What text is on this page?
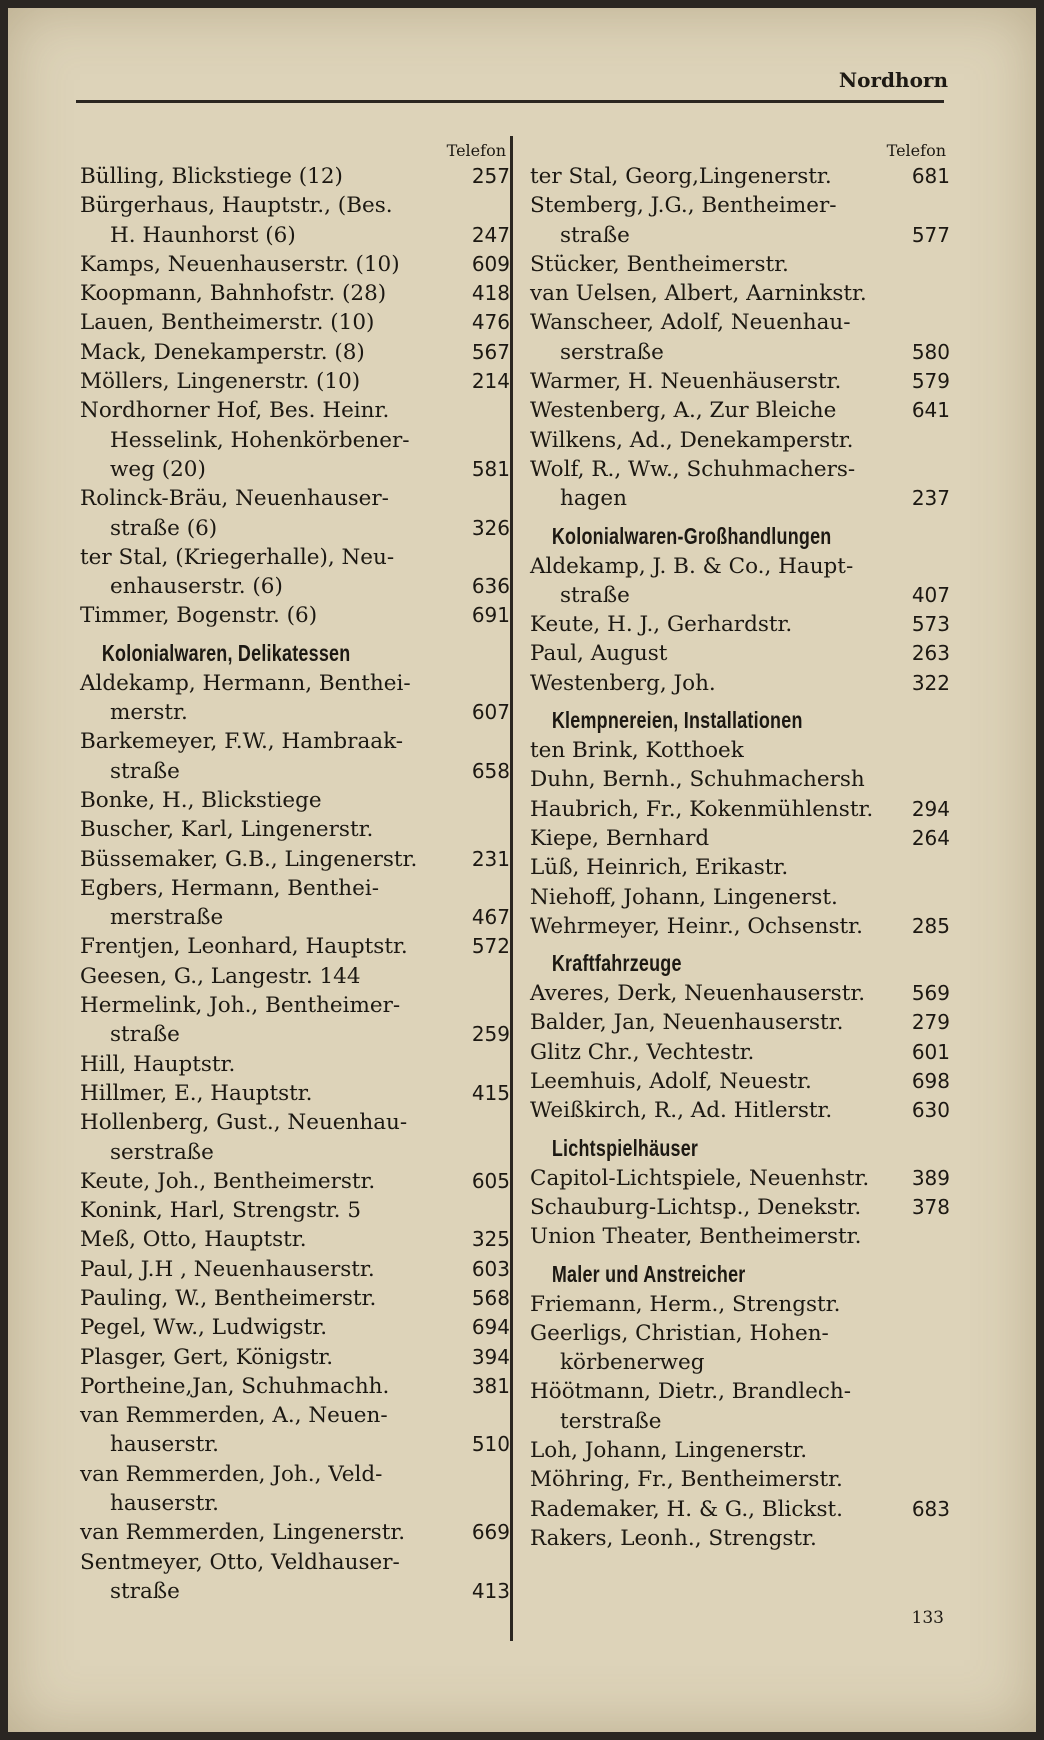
Nordhorn
Telefon
Bülling, Blickstiege (12)	257
Bürgerhaus, Hauptstr., (Bes.
H. Haunhorst (6)	247
Kamps, Neuenhauserstr. (10)	609
Koopmann, Bahnhofstr. (28)	418
Lauen, Bentheimerstr. (10)	476
Mack, Denekamperstr. (8)	567
Möllers, Lingenerstr. (10)	214
Nordhorner Hof, Bes. Heinr.
Hesselink, Hohenkörbener-
weg (20)	581
Rolinck-Bräu, Neuenhauser-
straße (6)	326
ter Stal, (Kriegerhalle), Neu-
enhauserstr. (6)	636
Timmer, Bogenstr. (6)	691
Kolonialwaren, Delikatessen
Aldekamp, Hermann, Benthei-
merstr.	607
Barkemeyer, F.W., Hambraak-
straße	658
Bonke, H., Blickstiege
Buscher, Karl, Lingenerstr.
Büssemaker, G.B., Lingenerstr.	231
Egbers, Hermann, Benthei-
merstraße	467
Frentjen, Leonhard, Hauptstr.	572
Geesen, G., Langestr. 144
Hermelink, Joh., Bentheimer-
straße	259
Hill, Hauptstr.
Hillmer, E., Hauptstr.	415
Hollenberg, Gust., Neuenhau-
serstraße
Keute, Joh., Bentheimerstr.	605
Konink, Harl, Strengstr. 5
Meß, Otto, Hauptstr.	325
Paul, J.H , Neuenhauserstr.	603
Pauling, W., Bentheimerstr.	568
Pegel, Ww., Ludwigstr.	694
Plasger, Gert, Königstr.	394
Portheine,Jan, Schuhmachh.	381
van Remmerden, A., Neuen-
hauserstr.	510
van Remmerden, Joh., Veld-
hauserstr.
van Remmerden, Lingenerstr.	669
Sentmeyer, Otto, Veldhauser-
straße	413
Telefon
ter Stal, Georg,Lingenerstr.	681
Stemberg, J.G., Bentheimer-
straße	577
Stücker, Bentheimerstr.
van Uelsen, Albert, Aarninkstr.
Wanscheer, Adolf, Neuenhau-
serstraße	580
Warmer, H. Neuenhäuserstr.	579
Westenberg, A., Zur Bleiche	641
Wilkens, Ad., Denekamperstr.
Wolf, R., Ww., Schuhmachers-
hagen	237
Kolonialwaren-Großhandlungen
Aldekamp, J. B. & Co., Haupt-
straße	407
Keute, H. J., Gerhardstr.	573
Paul, August	263
Westenberg, Joh.	322
Klempnereien, Installationen
ten Brink, Kotthoek
Duhn, Bernh., Schuhmachersh
Haubrich, Fr., Kokenmühlenstr.	294
Kiepe, Bernhard	264
Lüß, Heinrich, Erikastr.
Niehoff, Johann, Lingenerst.
Wehrmeyer, Heinr., Ochsenstr.	285
Kraftfahrzeuge
Averes, Derk, Neuenhauserstr.	569
Balder, Jan, Neuenhauserstr.	279
Glitz Chr., Vechtestr.	601
Leemhuis, Adolf, Neuestr.	698
Weißkirch, R., Ad. Hitlerstr.	630
Lichtspielhäuser
Capitol-Lichtspiele, Neuenhstr.	389
Schauburg-Lichtsp., Denekstr.	378
Union Theater, Bentheimerstr.
Maler und Anstreicher
Friemann, Herm., Strengstr.
Geerligs, Christian, Hohen-
körbenerweg
Höötmann, Dietr., Brandlech-
terstraße
Loh, Johann, Lingenerstr.
Möhring, Fr., Bentheimerstr.
Rademaker, H. & G., Blickst.	683
Rakers, Leonh., Strengstr.
133
